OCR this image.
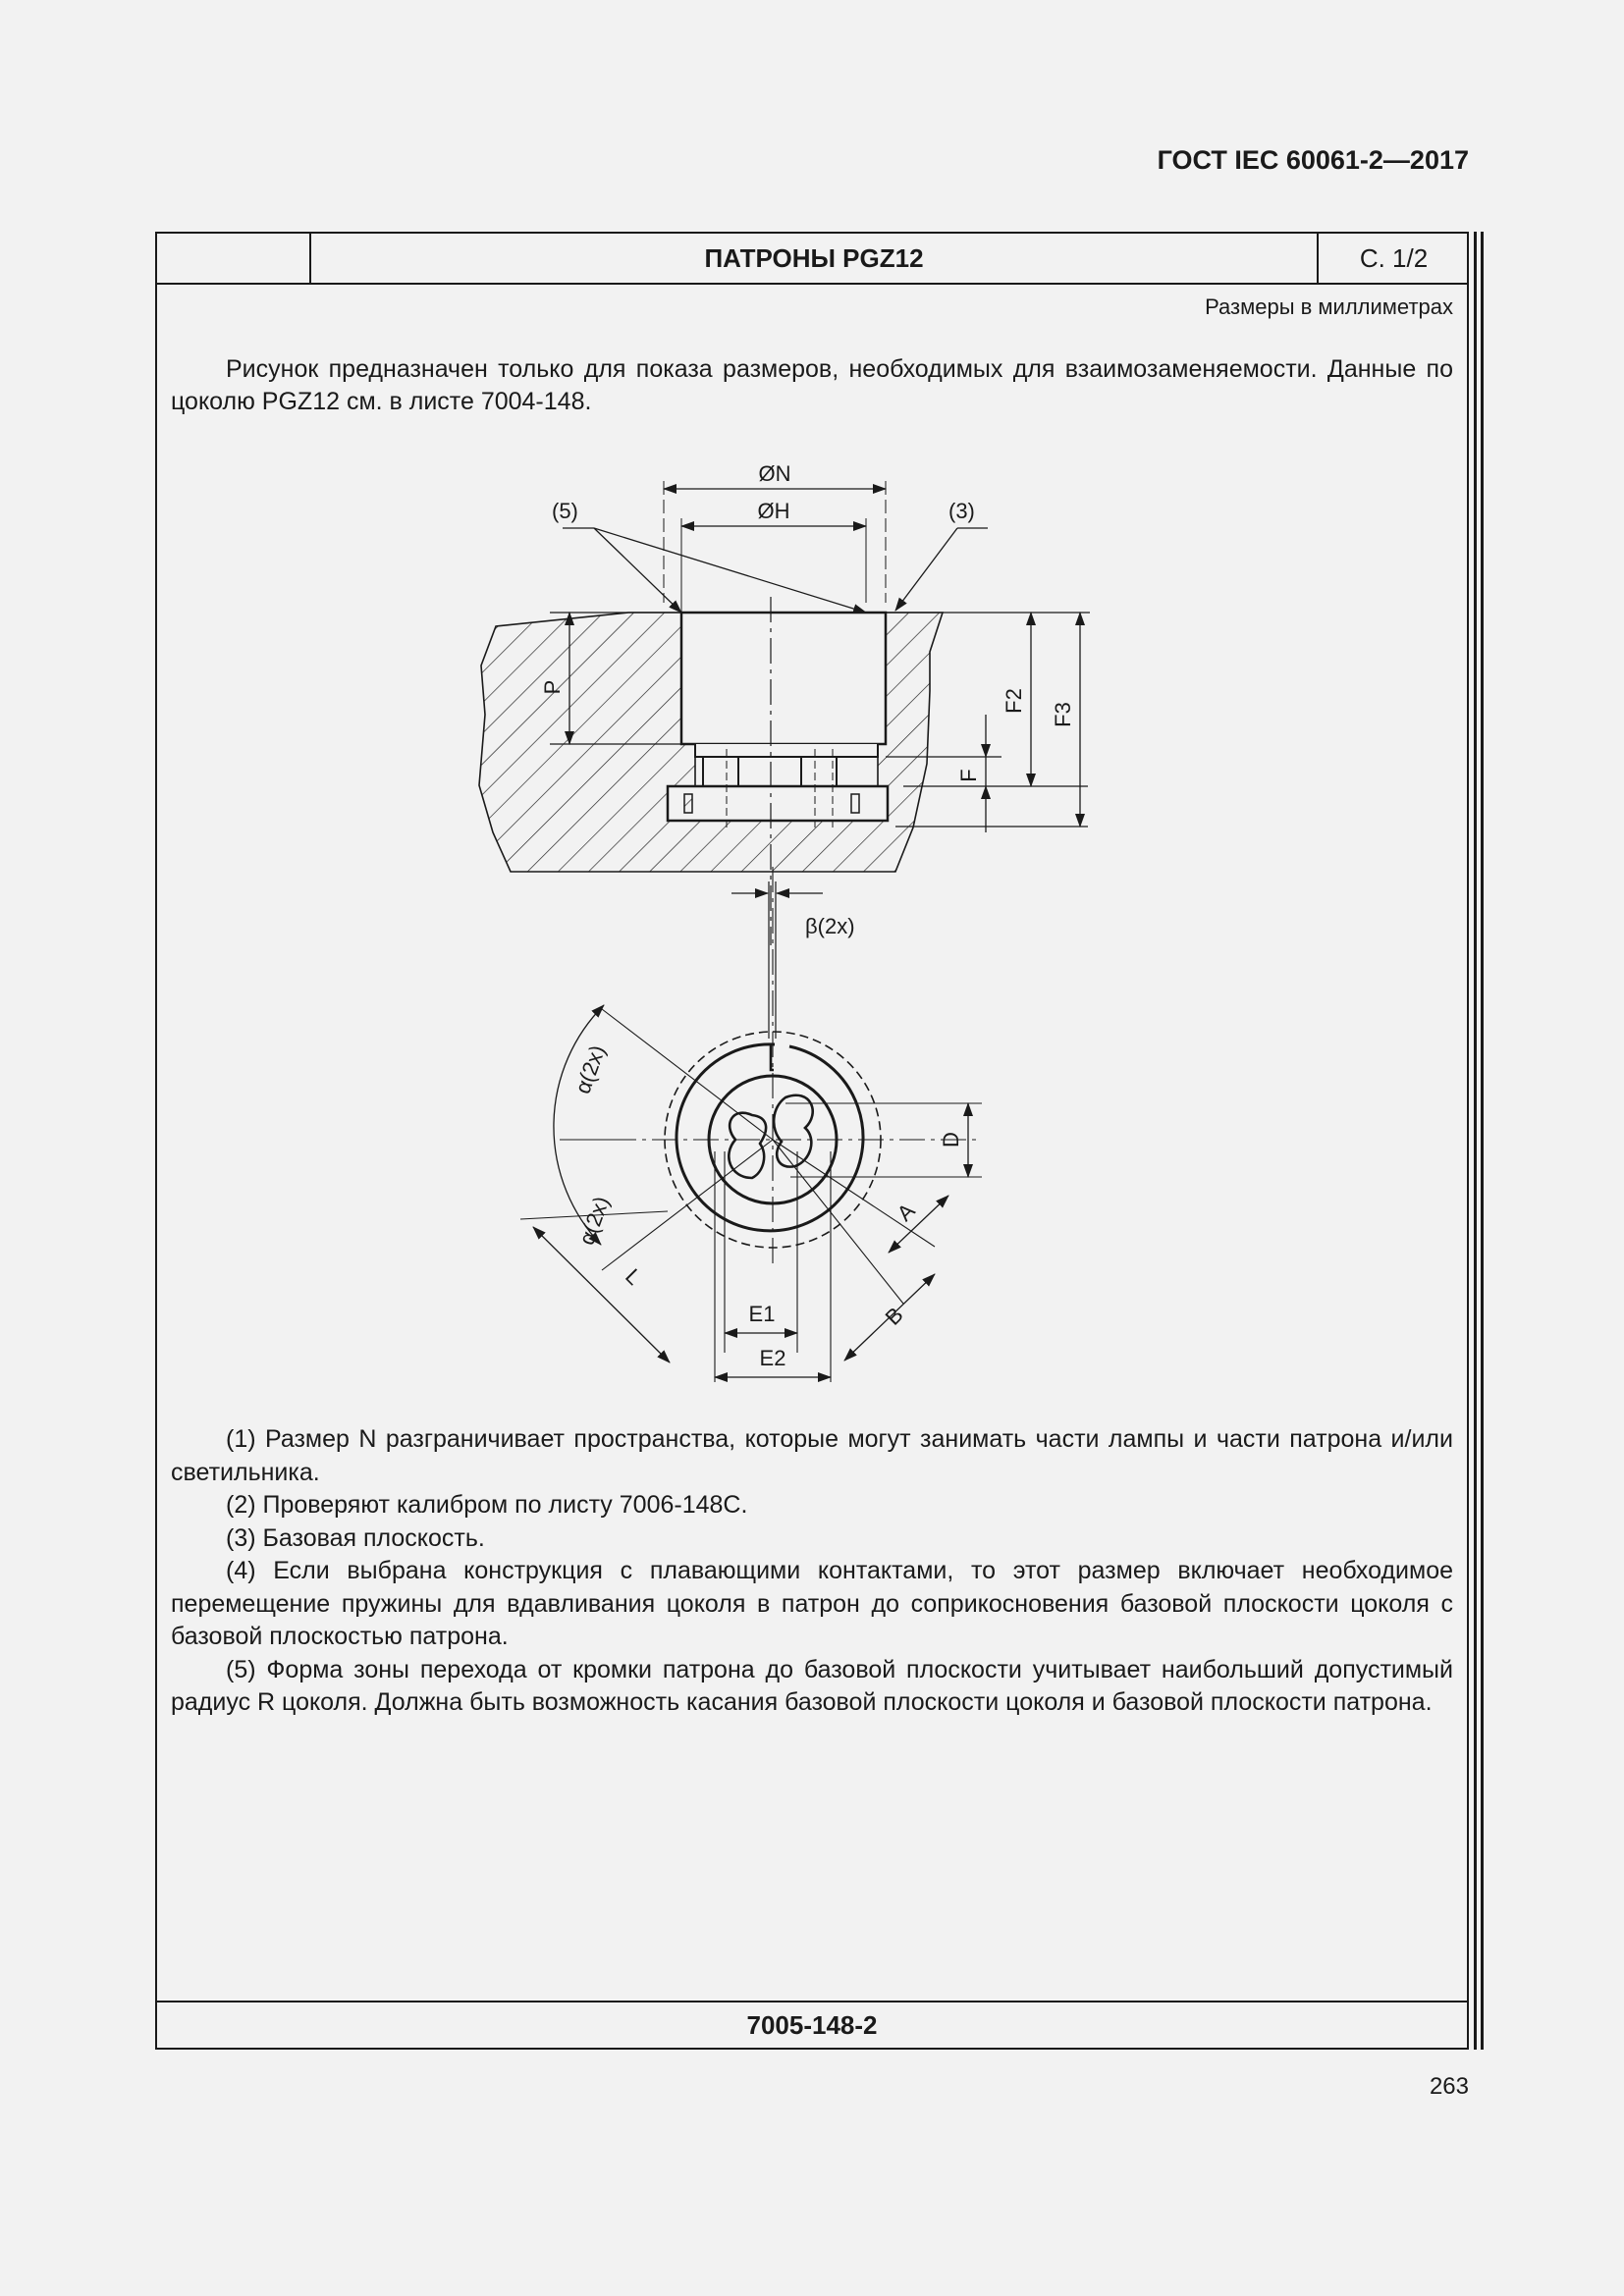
ГОСТ IEC 60061-2—2017
ПАТРОНЫ PGZ12	С. 1/2
Размеры в миллиметрах

Рисунок предназначен только для показа размеров, необходимых для взаимозаменяемости. Данные по цоколю PGZ12 см. в листе 7004-148.

ØN
ØH
(5)	(3)
P
F
F2
F3
β(2x)
α(2x)
α(2x)
D
A
B
L
E1
E2

(1) Размер N разграничивает пространства, которые могут занимать части лампы и части патрона и/или светильника.

(2) Проверяют калибром по листу 7006-148С.

(3) Базовая плоскость.

(4) Если выбрана конструкция с плавающими контактами, то этот размер включает необходимое перемещение пружины для вдавливания цоколя в патрон до соприкосновения базовой плоскости цоколя с базовой плоскостью патрона.

(5) Форма зоны перехода от кромки патрона до базовой плоскости учитывает наибольший допустимый радиус R цоколя. Должна быть возможность касания базовой плоскости цоколя и базовой плоскости патрона.

7005-148-2
263
